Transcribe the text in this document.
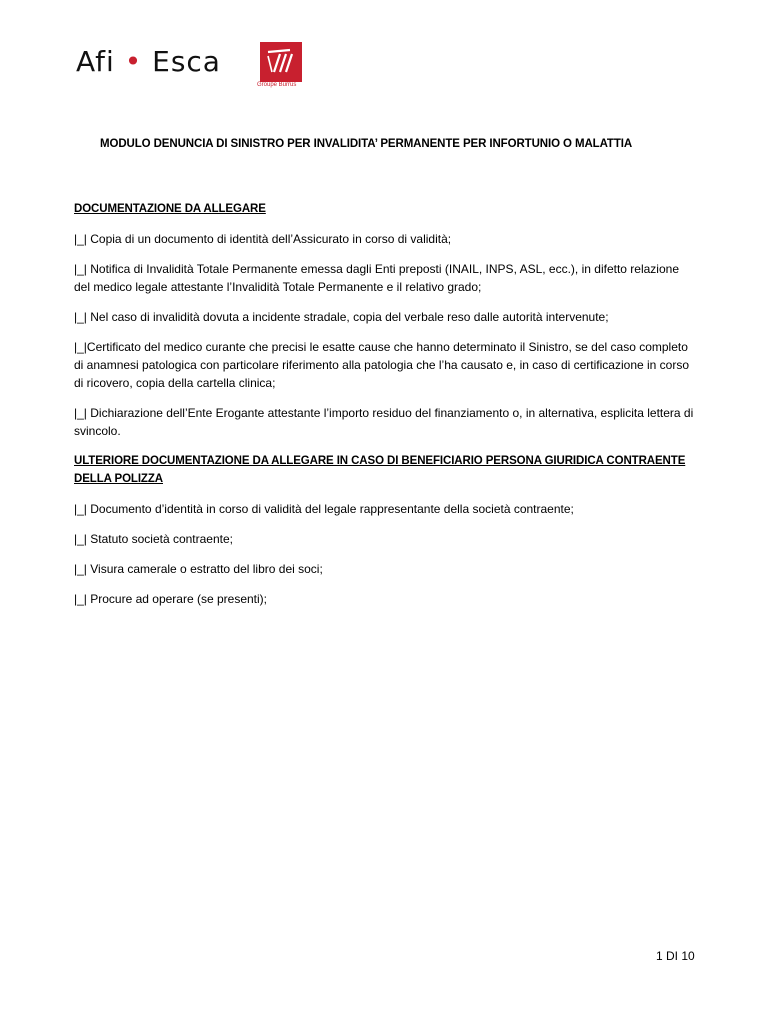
Afi • Esca
Groupe Burrus
MODULO DENUNCIA DI SINISTRO PER INVALIDITA’ PERMANENTE PER INFORTUNIO O MALATTIA
DOCUMENTAZIONE DA ALLEGARE
|_| Copia di un documento di identità dell’Assicurato in corso di validità;
|_| Notifica di Invalidità Totale Permanente emessa dagli Enti preposti (INAIL, INPS, ASL, ecc.), in difetto relazione del medico legale attestante l’Invalidità Totale Permanente e il relativo grado;
|_| Nel caso di invalidità dovuta a incidente stradale, copia del verbale reso dalle autorità intervenute;
|_|Certificato del medico curante che precisi le esatte cause che hanno determinato il Sinistro, se del caso completo di anamnesi patologica con particolare riferimento alla patologia che l’ha causato e, in caso di certificazione in corso di ricovero, copia della cartella clinica;
|_| Dichiarazione dell’Ente Erogante attestante l’importo residuo del finanziamento o, in alternativa, esplicita lettera di svincolo.
ULTERIORE DOCUMENTAZIONE DA ALLEGARE IN CASO DI BENEFICIARIO PERSONA GIURIDICA CONTRAENTE DELLA POLIZZA
|_| Documento d’identità in corso di validità del legale rappresentante della società contraente;
|_| Statuto società contraente;
|_| Visura camerale o estratto del libro dei soci;
|_| Procure ad operare (se presenti);
1 DI 10
